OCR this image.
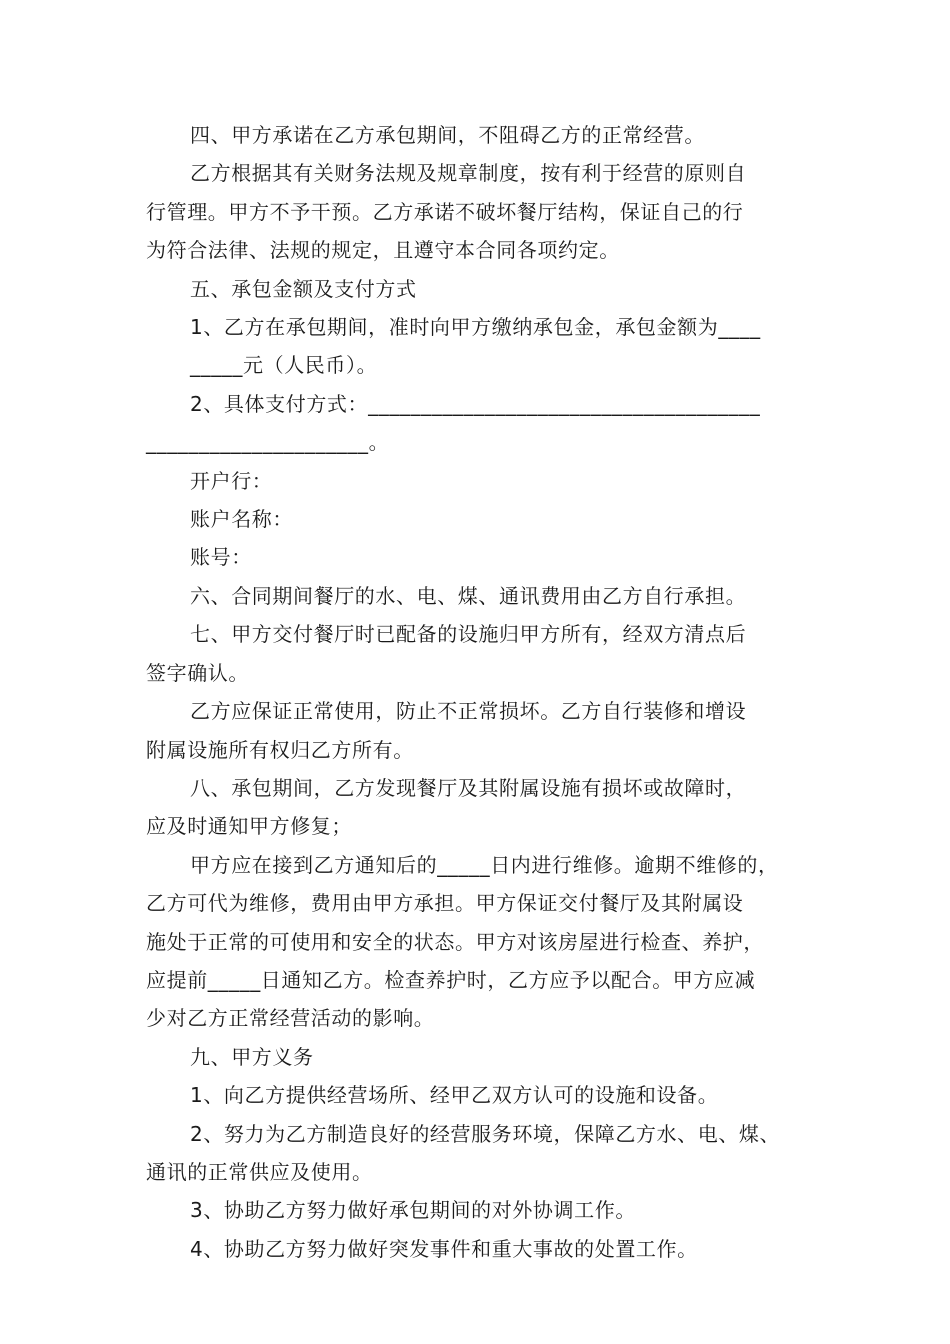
四、甲方承诺在乙方承包期间，不阻碍乙方的正常经营。

乙方根据其有关财务法规及规章制度，按有利于经营的原则自

行管理。甲方不予干预。乙方承诺不破坏餐厅结构，保证自己的行

为符合法律、法规的规定，且遵守本合同各项约定。

五、承包金额及支付方式

1、乙方在承包期间，准时向甲方缴纳承包金，承包金额为____

_____元（人民币）。

2、具体支付方式：_____________________________________

_____________________。

开户行：

账户名称：

账号：

六、合同期间餐厅的水、电、煤、通讯费用由乙方自行承担。

七、甲方交付餐厅时已配备的设施归甲方所有，经双方清点后

签字确认。

乙方应保证正常使用，防止不正常损坏。乙方自行装修和增设

附属设施所有权归乙方所有。

八、承包期间，乙方发现餐厅及其附属设施有损坏或故障时，

应及时通知甲方修复；

甲方应在接到乙方通知后的_____日内进行维修。逾期不维修的，

乙方可代为维修，费用由甲方承担。甲方保证交付餐厅及其附属设

施处于正常的可使用和安全的状态。甲方对该房屋进行检查、养护，

应提前_____日通知乙方。检查养护时，乙方应予以配合。甲方应减

少对乙方正常经营活动的影响。

九、甲方义务

1、向乙方提供经营场所、经甲乙双方认可的设施和设备。

2、努力为乙方制造良好的经营服务环境，保障乙方水、电、煤、

通讯的正常供应及使用。

3、协助乙方努力做好承包期间的对外协调工作。

4、协助乙方努力做好突发事件和重大事故的处置工作。
